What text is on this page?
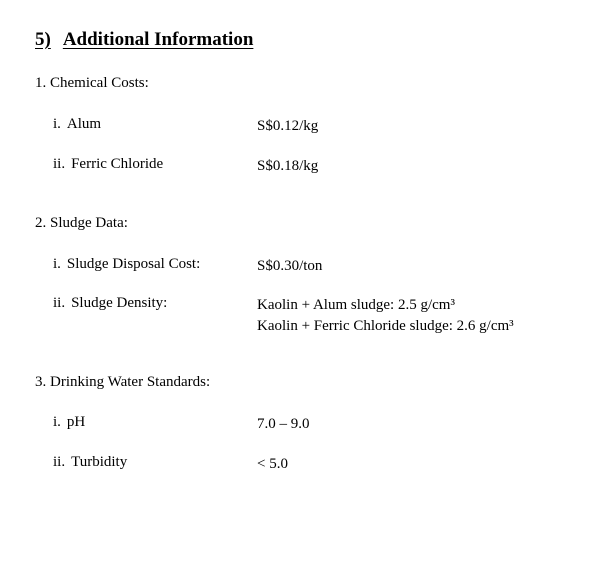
5) Additional Information
1. Chemical Costs:
i. Alum	S$0.12/kg
ii. Ferric Chloride	S$0.18/kg
2. Sludge Data:
i. Sludge Disposal Cost:	S$0.30/ton
ii. Sludge Density:	Kaolin + Alum sludge: 2.5 g/cm³
Kaolin + Ferric Chloride sludge: 2.6 g/cm³
3. Drinking Water Standards:
i. pH	7.0 – 9.0
ii. Turbidity	< 5.0
